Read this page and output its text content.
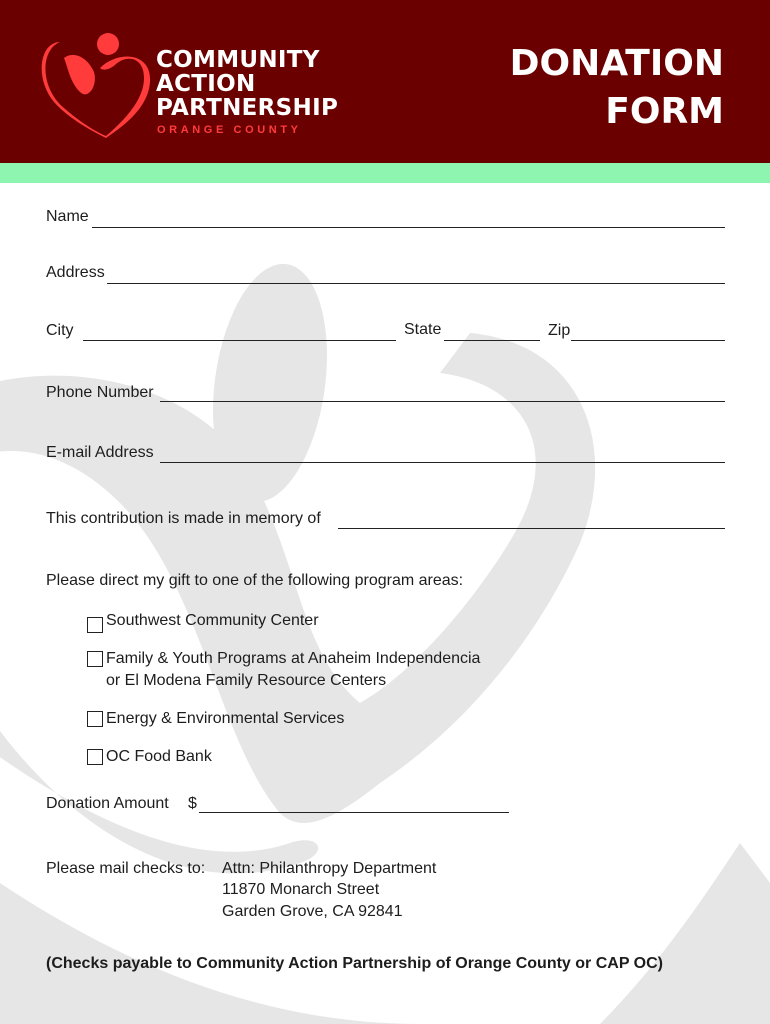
COMMUNITY
ACTION
PARTNERSHIP
ORANGE COUNTY
DONATION
FORM
Name
Address
City	State	Zip
Phone Number
E-mail Address
This contribution is made in memory of
Please direct my gift to one of the following program areas:
Southwest Community Center
Family & Youth Programs at Anaheim Independencia
or El Modena Family Resource Centers
Energy & Environmental Services
OC Food Bank
Donation Amount $
Please mail checks to: Attn: Philanthropy Department
11870 Monarch Street
Garden Grove, CA 92841
(Checks payable to Community Action Partnership of Orange County or CAP OC)
